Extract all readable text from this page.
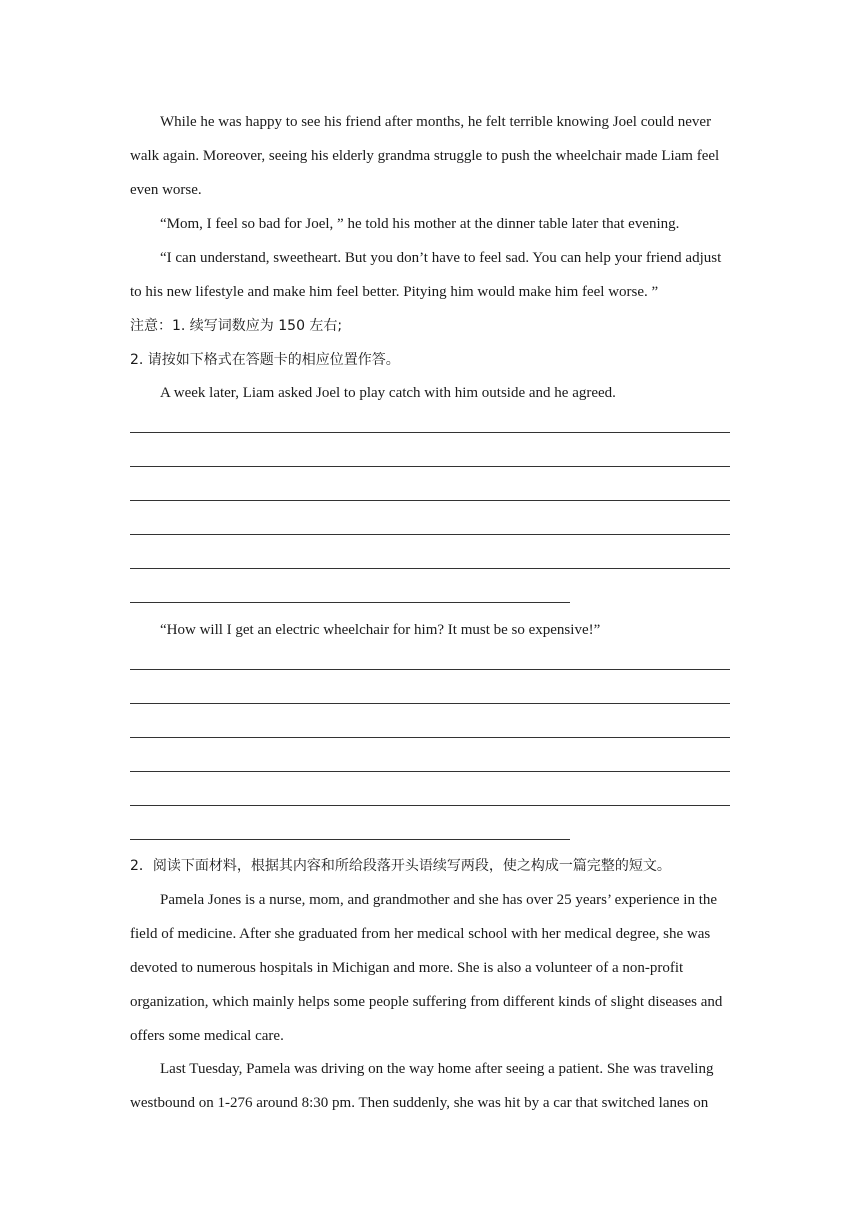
While he was happy to see his friend after months, he felt terrible knowing Joel could never
walk again. Moreover, seeing his elderly grandma struggle to push the wheelchair made Liam feel
even worse.
“Mom, I feel so bad for Joel, ” he told his mother at the dinner table later that evening.
“I can understand, sweetheart. But you don’t have to feel sad. You can help your friend adjust
to his new lifestyle and make him feel better. Pitying him would make him feel worse. ”
注意：1. 续写词数应为 150 左右;
2. 请按如下格式在答题卡的相应位置作答。
A week later, Liam asked Joel to play catch with him outside and he agreed.
“How will I get an electric wheelchair for him? It must be so expensive!”
2．阅读下面材料，根据其内容和所给段落开头语续写两段，使之构成一篇完整的短文。
Pamela Jones is a nurse, mom, and grandmother and she has over 25 years’ experience in the
field of medicine. After she graduated from her medical school with her medical degree, she was
devoted to numerous hospitals in Michigan and more. She is also a volunteer of a non-profit
organization, which mainly helps some people suffering from different kinds of slight diseases and
offers some medical care.
Last Tuesday, Pamela was driving on the way home after seeing a patient. She was traveling
westbound on 1-276 around 8:30 pm. Then suddenly, she was hit by a car that switched lanes on
